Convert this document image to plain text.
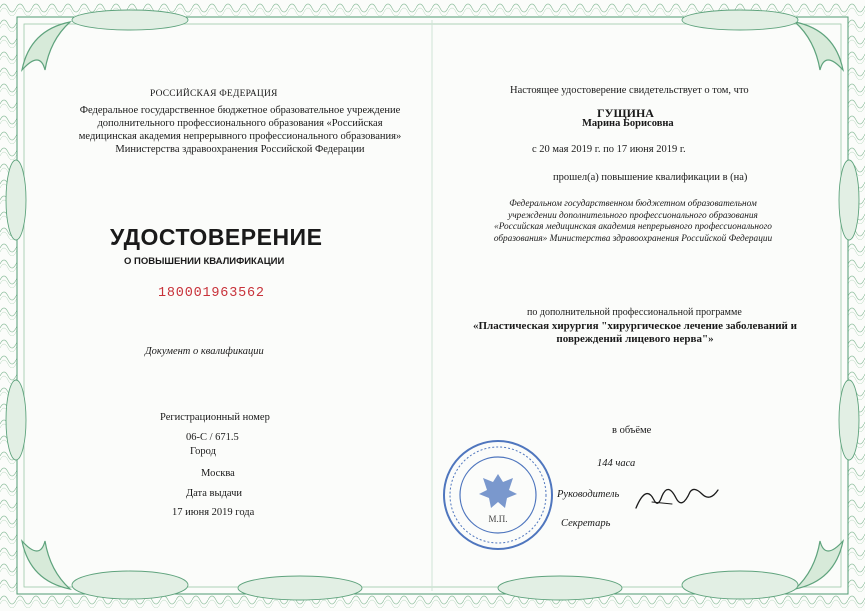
РОССИЙСКАЯ ФЕДЕРАЦИЯ

Федеральное государственное бюджетное образовательное учреждение дополнительного профессионального образования «Российская медицинская академия непрерывного профессионального образования» Министерства здравоохранения Российской Федерации

УДОСТОВЕРЕНИЕ

О ПОВЫШЕНИИ КВАЛИФИКАЦИИ

180001963562

Документ о квалификации

Регистрационный номер

06-С / 671.5

Город

Москва

Дата выдачи

17 июня 2019 года

Настоящее удостоверение свидетельствует о том, что

ГУЩИНА

Марина Борисовна

с 20 мая 2019 г. по 17 июня 2019 г.

прошел(а) повышение квалификации в (на)

Федеральном государственном бюджетном образовательном учреждении дополнительного профессионального образования «Российская медицинская академия непрерывного профессионального образования» Министерства здравоохранения Российской Федерации

по дополнительной профессиональной программе

«Пластическая хирургия "хирургическое лечение заболеваний и повреждений лицевого нерва"»

в объёме

144 часа

Руководитель

Секретарь

М.П.
